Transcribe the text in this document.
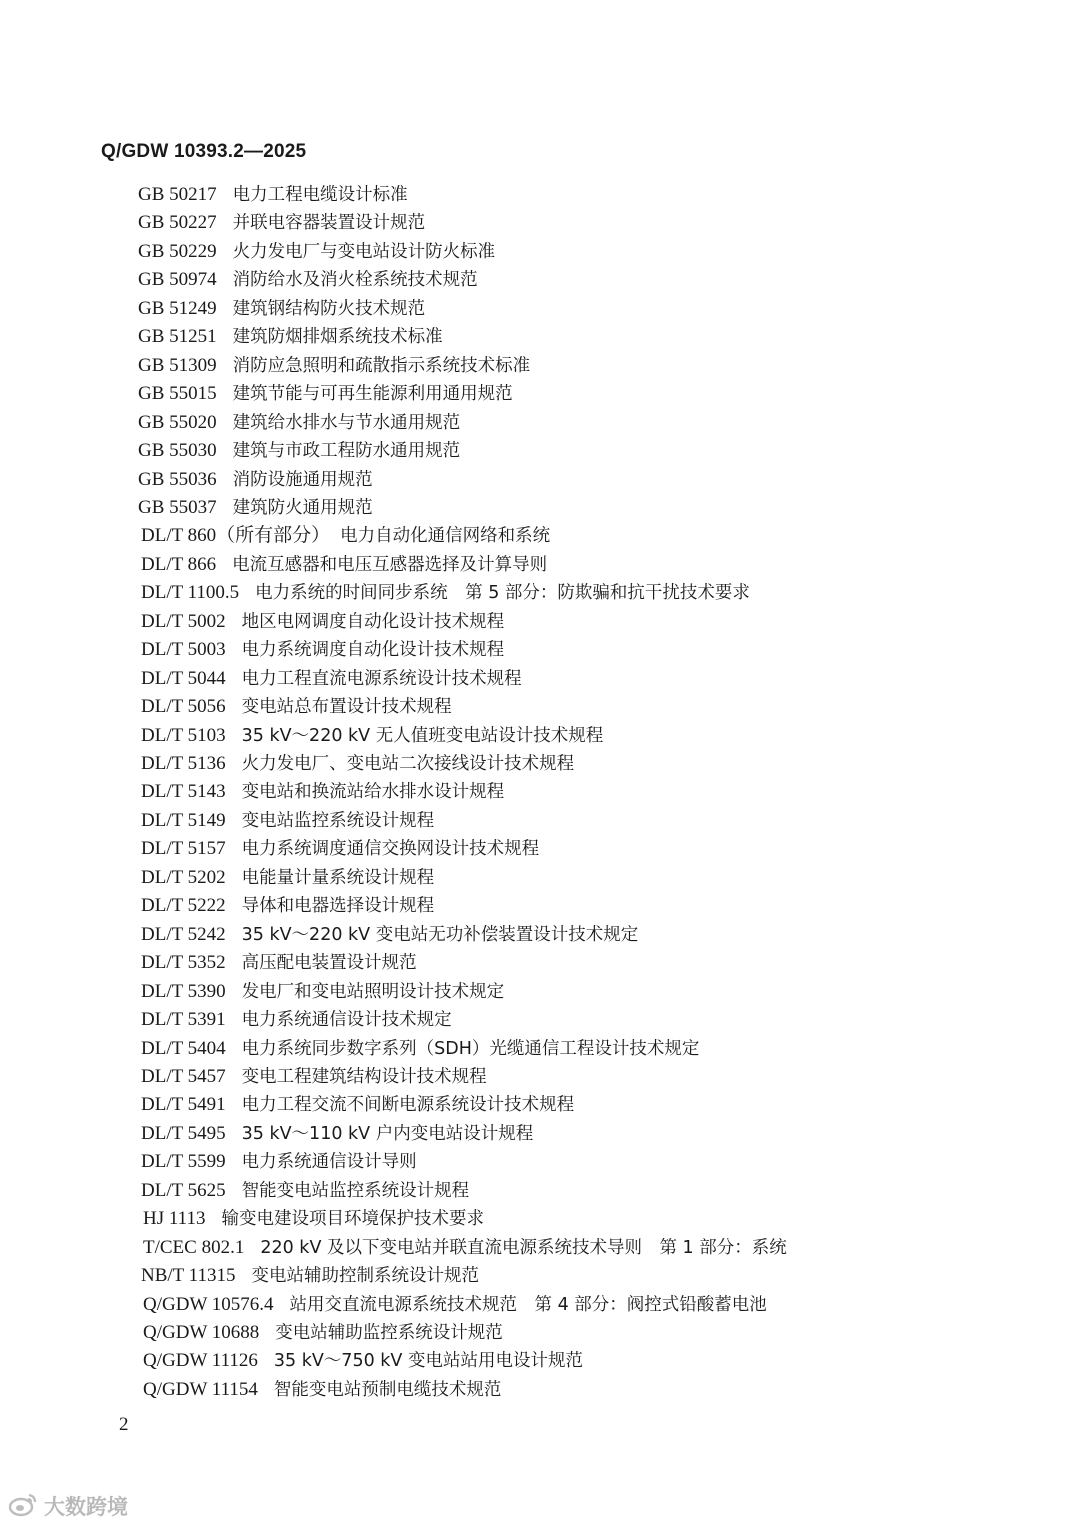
Q/GDW 10393.2—2025
GB 50217 电力工程电缆设计标准
GB 50227 并联电容器装置设计规范
GB 50229 火力发电厂与变电站设计防火标准
GB 50974 消防给水及消火栓系统技术规范
GB 51249 建筑钢结构防火技术规范
GB 51251 建筑防烟排烟系统技术标准
GB 51309 消防应急照明和疏散指示系统技术标准
GB 55015 建筑节能与可再生能源利用通用规范
GB 55020 建筑给水排水与节水通用规范
GB 55030 建筑与市政工程防水通用规范
GB 55036 消防设施通用规范
GB 55037 建筑防火通用规范
DL/T 860（所有部分） 电力自动化通信网络和系统
DL/T 866 电流互感器和电压互感器选择及计算导则
DL/T 1100.5 电力系统的时间同步系统　第 5 部分：防欺骗和抗干扰技术要求
DL/T 5002 地区电网调度自动化设计技术规程
DL/T 5003 电力系统调度自动化设计技术规程
DL/T 5044 电力工程直流电源系统设计技术规程
DL/T 5056 变电站总布置设计技术规程
DL/T 5103 35 kV～220 kV 无人值班变电站设计技术规程
DL/T 5136 火力发电厂、变电站二次接线设计技术规程
DL/T 5143 变电站和换流站给水排水设计规程
DL/T 5149 变电站监控系统设计规程
DL/T 5157 电力系统调度通信交换网设计技术规程
DL/T 5202 电能量计量系统设计规程
DL/T 5222 导体和电器选择设计规程
DL/T 5242 35 kV～220 kV 变电站无功补偿装置设计技术规定
DL/T 5352 高压配电装置设计规范
DL/T 5390 发电厂和变电站照明设计技术规定
DL/T 5391 电力系统通信设计技术规定
DL/T 5404 电力系统同步数字系列（SDH）光缆通信工程设计技术规定
DL/T 5457 变电工程建筑结构设计技术规程
DL/T 5491 电力工程交流不间断电源系统设计技术规程
DL/T 5495 35 kV～110 kV 户内变电站设计规程
DL/T 5599 电力系统通信设计导则
DL/T 5625 智能变电站监控系统设计规程
HJ 1113 输变电建设项目环境保护技术要求
T/CEC 802.1 220 kV 及以下变电站并联直流电源系统技术导则　第 1 部分：系统
NB/T 11315 变电站辅助控制系统设计规范
Q/GDW 10576.4 站用交直流电源系统技术规范　第 4 部分：阀控式铅酸蓄电池
Q/GDW 10688 变电站辅助监控系统设计规范
Q/GDW 11126 35 kV～750 kV 变电站站用电设计规范
Q/GDW 11154 智能变电站预制电缆技术规范
2
大数跨境
